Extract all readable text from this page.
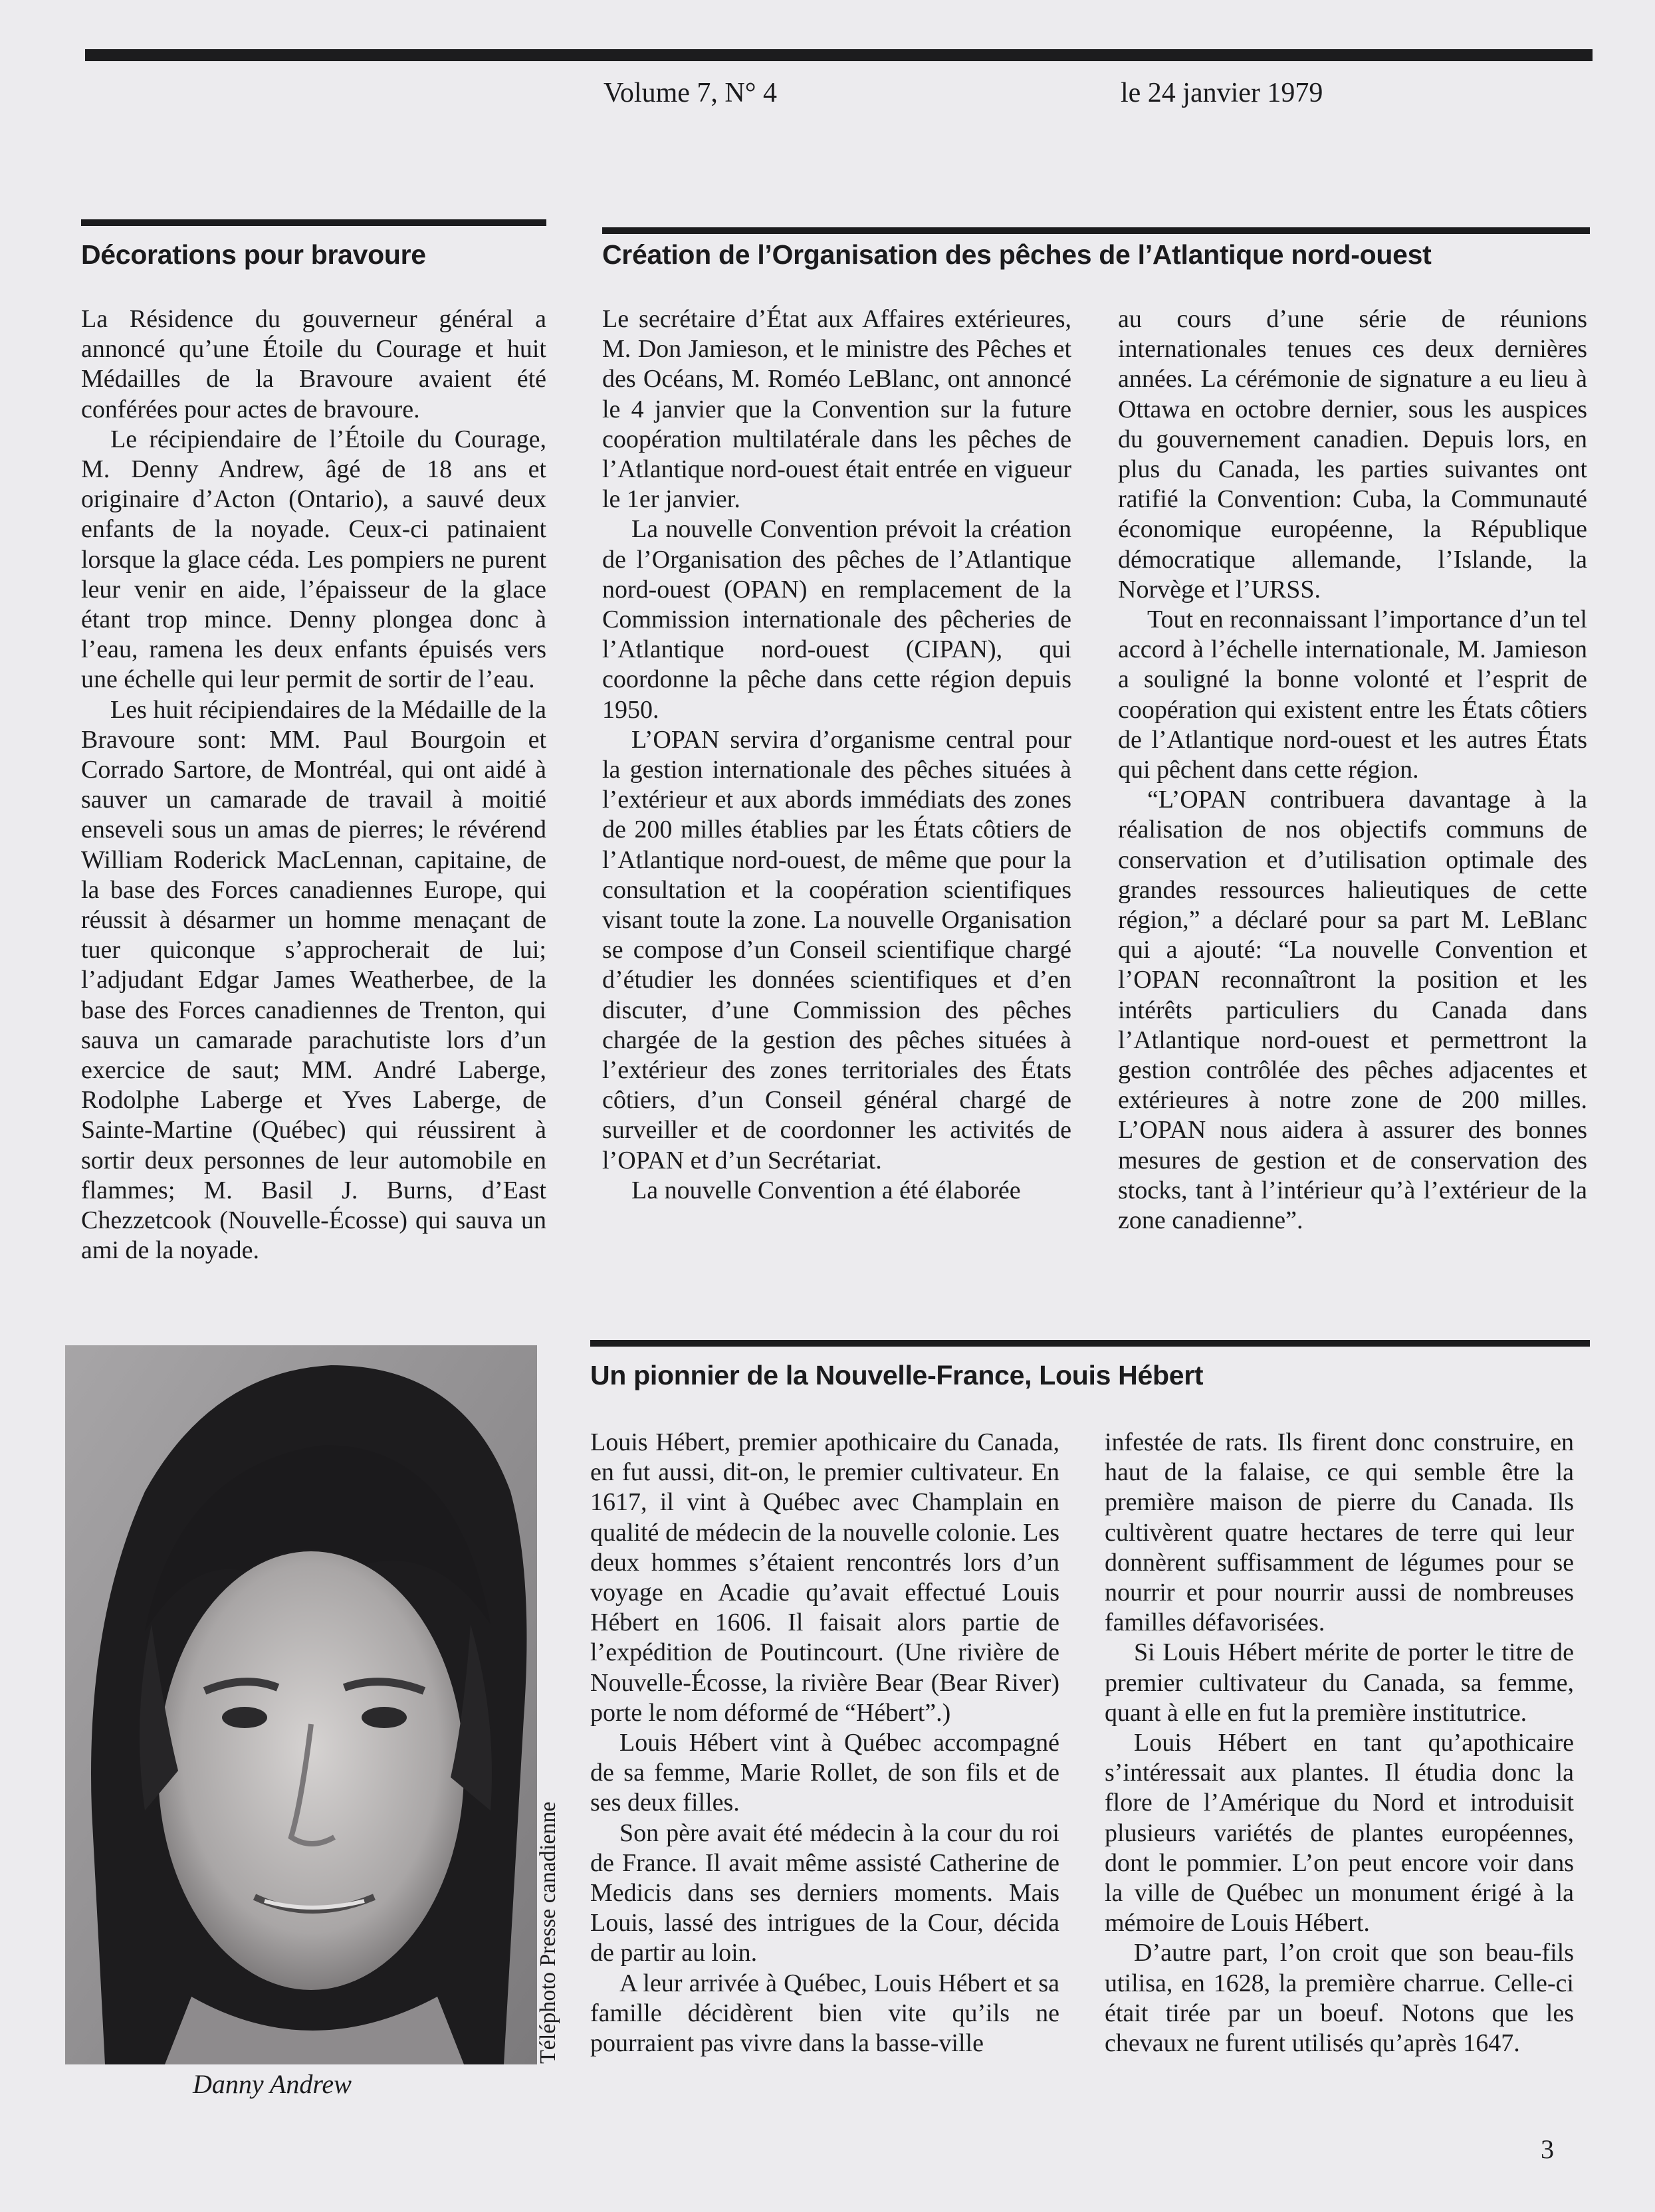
Volume 7, N° 4	le 24 janvier 1979
Décorations pour bravoure

La Résidence du gouverneur général a annoncé qu’une Étoile du Courage et huit Médailles de la Bravoure avaient été conférées pour actes de bravoure.

Le récipiendaire de l’Étoile du Courage, M. Denny Andrew, âgé de 18 ans et originaire d’Acton (Ontario), a sauvé deux enfants de la noyade. Ceux-ci patinaient lorsque la glace céda. Les pompiers ne purent leur venir en aide, l’épaisseur de la glace étant trop mince. Denny plongea donc à l’eau, ramena les deux enfants épuisés vers une échelle qui leur permit de sortir de l’eau.

Les huit récipiendaires de la Médaille de la Bravoure sont: MM. Paul Bourgoin et Corrado Sartore, de Montréal, qui ont aidé à sauver un camarade de travail à moitié enseveli sous un amas de pierres; le révérend William Roderick MacLennan, capitaine, de la base des Forces canadiennes Europe, qui réussit à désarmer un homme menaçant de tuer quiconque s’approcherait de lui; l’adjudant Edgar James Weatherbee, de la base des Forces canadiennes de Trenton, qui sauva un camarade parachutiste lors d’un exercice de saut; MM. André Laberge, Rodolphe Laberge et Yves Laberge, de Sainte-Martine (Québec) qui réussirent à sortir deux personnes de leur automobile en flammes; M. Basil J. Burns, d’East Chezzetcook (Nouvelle-Écosse) qui sauva un ami de la noyade.

Danny Andrew
Téléphoto Presse canadienne
Création de l’Organisation des pêches de l’Atlantique nord-ouest

Le secrétaire d’État aux Affaires extérieures, M. Don Jamieson, et le ministre des Pêches et des Océans, M. Roméo LeBlanc, ont annoncé le 4 janvier que la Convention sur la future coopération multilatérale dans les pêches de l’Atlantique nord-ouest était entrée en vigueur le 1er janvier.

La nouvelle Convention prévoit la création de l’Organisation des pêches de l’Atlantique nord-ouest (OPAN) en remplacement de la Commission internationale des pêcheries de l’Atlantique nord-ouest (CIPAN), qui coordonne la pêche dans cette région depuis 1950.

L’OPAN servira d’organisme central pour la gestion internationale des pêches situées à l’extérieur et aux abords immédiats des zones de 200 milles établies par les États côtiers de l’Atlantique nord-ouest, de même que pour la consultation et la coopération scientifiques visant toute la zone. La nouvelle Organisation se compose d’un Conseil scientifique chargé d’étudier les données scientifiques et d’en discuter, d’une Commission des pêches chargée de la gestion des pêches situées à l’extérieur des zones territoriales des États côtiers, d’un Conseil général chargé de surveiller et de coordonner les activités de l’OPAN et d’un Secrétariat.

La nouvelle Convention a été élaborée

au cours d’une série de réunions internationales tenues ces deux dernières années. La cérémonie de signature a eu lieu à Ottawa en octobre dernier, sous les auspices du gouvernement canadien. Depuis lors, en plus du Canada, les parties suivantes ont ratifié la Convention: Cuba, la Communauté économique européenne, la République démocratique allemande, l’Islande, la Norvège et l’URSS.

Tout en reconnaissant l’importance d’un tel accord à l’échelle internationale, M. Jamieson a souligné la bonne volonté et l’esprit de coopération qui existent entre les États côtiers de l’Atlantique nord-ouest et les autres États qui pêchent dans cette région.

“L’OPAN contribuera davantage à la réalisation de nos objectifs communs de conservation et d’utilisation optimale des grandes ressources halieutiques de cette région,” a déclaré pour sa part M. LeBlanc qui a ajouté: “La nouvelle Convention et l’OPAN reconnaîtront la position et les intérêts particuliers du Canada dans l’Atlantique nord-ouest et permettront la gestion contrôlée des pêches adjacentes et extérieures à notre zone de 200 milles. L’OPAN nous aidera à assurer des bonnes mesures de gestion et de conservation des stocks, tant à l’intérieur qu’à l’extérieur de la zone canadienne”.

Un pionnier de la Nouvelle-France, Louis Hébert

Louis Hébert, premier apothicaire du Canada, en fut aussi, dit-on, le premier cultivateur. En 1617, il vint à Québec avec Champlain en qualité de médecin de la nouvelle colonie. Les deux hommes s’étaient rencontrés lors d’un voyage en Acadie qu’avait effectué Louis Hébert en 1606. Il faisait alors partie de l’expédition de Poutincourt. (Une rivière de Nouvelle-Écosse, la rivière Bear (Bear River) porte le nom déformé de “Hébert”.)

Louis Hébert vint à Québec accompagné de sa femme, Marie Rollet, de son fils et de ses deux filles.

Son père avait été médecin à la cour du roi de France. Il avait même assisté Catherine de Medicis dans ses derniers moments. Mais Louis, lassé des intrigues de la Cour, décida de partir au loin.

A leur arrivée à Québec, Louis Hébert et sa famille décidèrent bien vite qu’ils ne pourraient pas vivre dans la basse-ville

infestée de rats. Ils firent donc construire, en haut de la falaise, ce qui semble être la première maison de pierre du Canada. Ils cultivèrent quatre hectares de terre qui leur donnèrent suffisamment de légumes pour se nourrir et pour nourrir aussi de nombreuses familles défavorisées.

Si Louis Hébert mérite de porter le titre de premier cultivateur du Canada, sa femme, quant à elle en fut la première institutrice.

Louis Hébert en tant qu’apothicaire s’intéressait aux plantes. Il étudia donc la flore de l’Amérique du Nord et introduisit plusieurs variétés de plantes européennes, dont le pommier. L’on peut encore voir dans la ville de Québec un monument érigé à la mémoire de Louis Hébert.

D’autre part, l’on croit que son beau-fils utilisa, en 1628, la première charrue. Celle-ci était tirée par un boeuf. Notons que les chevaux ne furent utilisés qu’après 1647.

3
